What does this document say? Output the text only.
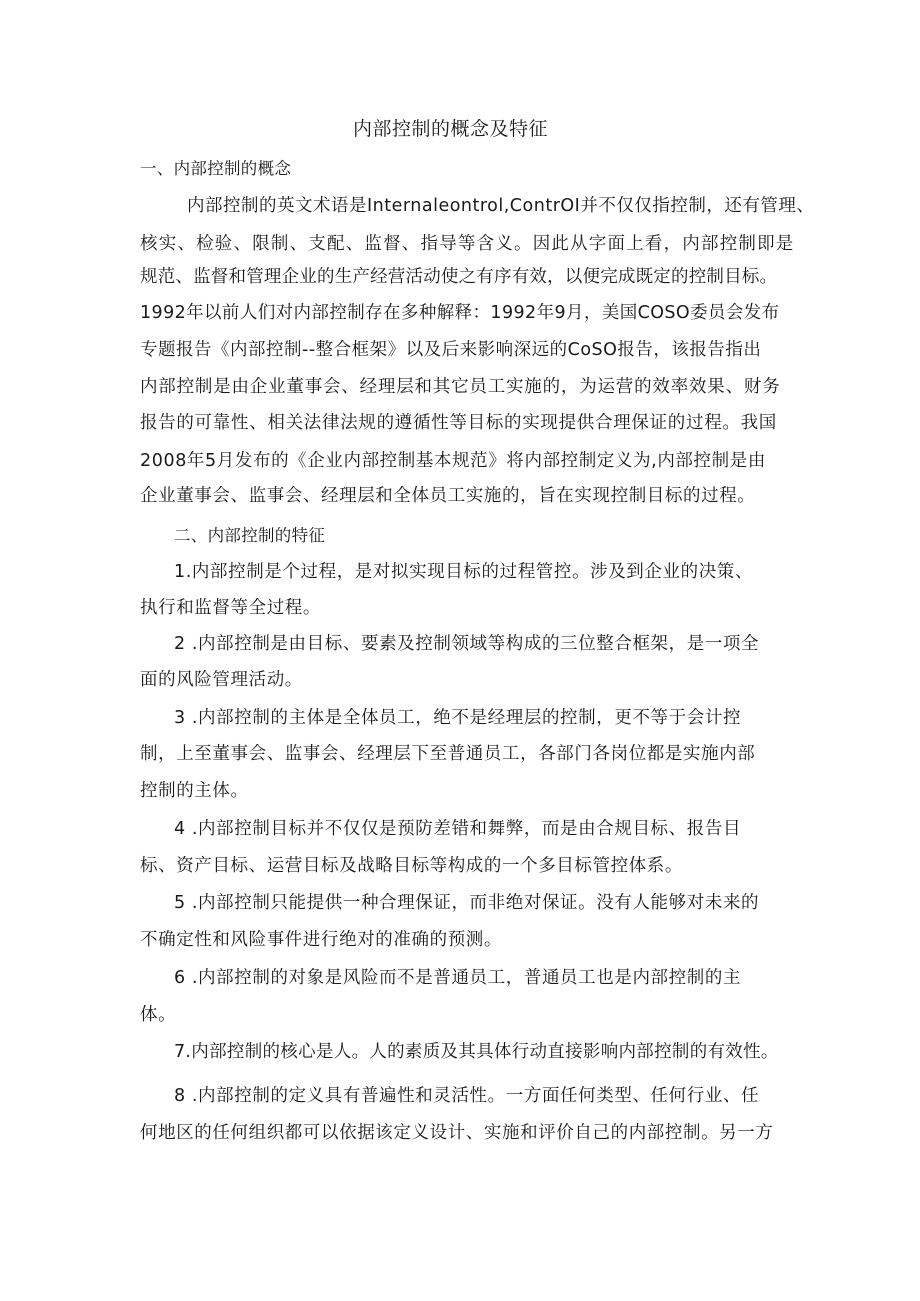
内部控制的概念及特征
一、内部控制的概念
内部控制的英文术语是Internaleontrol,ContrOI并不仅仅指控制，还有管理、
核实、检验、限制、支配、监督、指导等含义。因此从字面上看，内部控制即是
规范、监督和管理企业的生产经营活动使之有序有效，以便完成既定的控制目标。
1992年以前人们对内部控制存在多种解释：1992年9月，美国COSO委员会发布
专题报告《内部控制--整合框架》以及后来影响深远的CoSO报告，该报告指出
内部控制是由企业董事会、经理层和其它员工实施的，为运营的效率效果、财务
报告的可靠性、相关法律法规的遵循性等目标的实现提供合理保证的过程。我国
2008年5月发布的《企业内部控制基本规范》将内部控制定义为,内部控制是由
企业董事会、监事会、经理层和全体员工实施的，旨在实现控制目标的过程。
二、内部控制的特征
1.内部控制是个过程，是对拟实现目标的过程管控。涉及到企业的决策、
执行和监督等全过程。
2 .内部控制是由目标、要素及控制领域等构成的三位整合框架，是一项全
面的风险管理活动。
3 .内部控制的主体是全体员工，绝不是经理层的控制，更不等于会计控
制，上至董事会、监事会、经理层下至普通员工，各部门各岗位都是实施内部
控制的主体。
4 .内部控制目标并不仅仅是预防差错和舞弊，而是由合规目标、报告目
标、资产目标、运营目标及战略目标等构成的一个多目标管控体系。
5 .内部控制只能提供一种合理保证，而非绝对保证。没有人能够对未来的
不确定性和风险事件进行绝对的准确的预测。
6 .内部控制的对象是风险而不是普通员工，普通员工也是内部控制的主
体。
7.内部控制的核心是人。人的素质及其具体行动直接影响内部控制的有效性。
8 .内部控制的定义具有普遍性和灵活性。一方面任何类型、任何行业、任
何地区的任何组织都可以依据该定义设计、实施和评价自己的内部控制。另一方
